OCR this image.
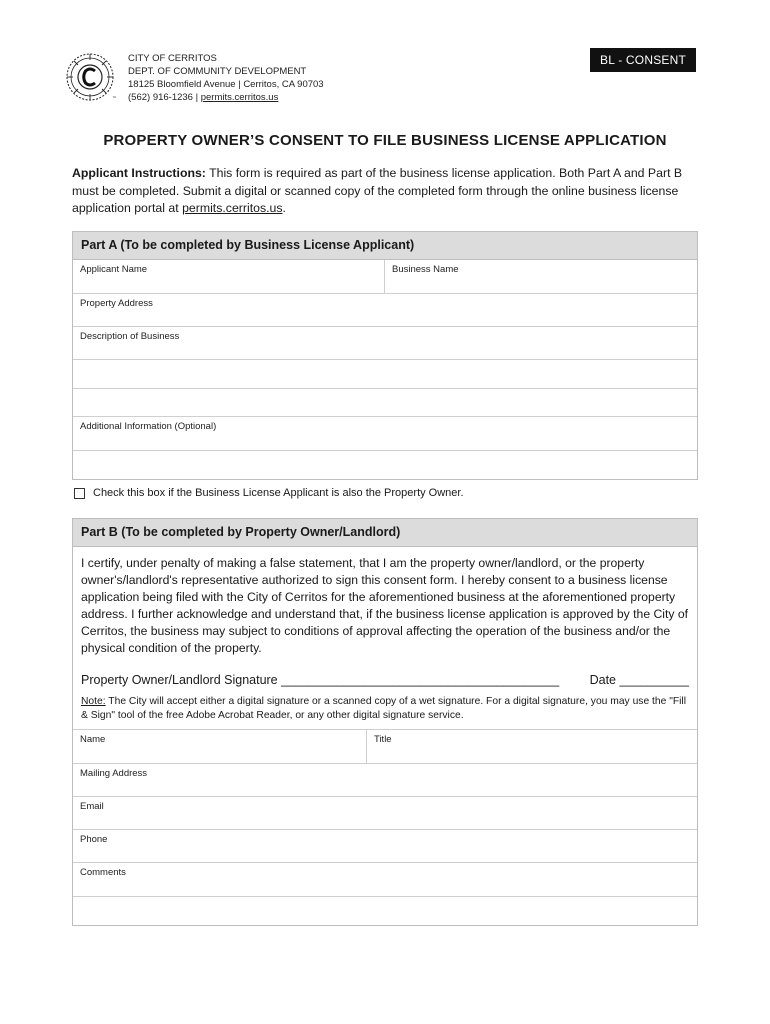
™
CITY OF CERRITOS
DEPT. OF COMMUNITY DEVELOPMENT
18125 Bloomfield Avenue | Cerritos, CA 90703
(562) 916-1236 | permits.cerritos.us
BL - CONSENT
PROPERTY OWNER’S CONSENT TO FILE BUSINESS LICENSE APPLICATION
Applicant Instructions: This form is required as part of the business license application. Both Part A and Part B must be completed. Submit a digital or scanned copy of the completed form through the online business license application portal at permits.cerritos.us.
Part A (To be completed by Business License Applicant)
Applicant Name	Business Name
Property Address
Description of Business
Additional Information (Optional)
Check this box if the Business License Applicant is also the Property Owner.
Part B (To be completed by Property Owner/Landlord)
I certify, under penalty of making a false statement, that I am the property owner/landlord, or the property owner's/landlord's representative authorized to sign this consent form. I hereby consent to a business license application being filed with the City of Cerritos for the aforementioned business at the aforementioned property address. I further acknowledge and understand that, if the business license application is approved by the City of Cerritos, the business may subject to conditions of approval affecting the operation of the business and/or the physical condition of the property.
Property Owner/Landlord Signature ________________________________________ Date __________
Note: The City will accept either a digital signature or a scanned copy of a wet signature. For a digital signature, you may use the "Fill & Sign" tool of the free Adobe Acrobat Reader, or any other digital signature service.
Name	Title
Mailing Address
Email
Phone
Comments
